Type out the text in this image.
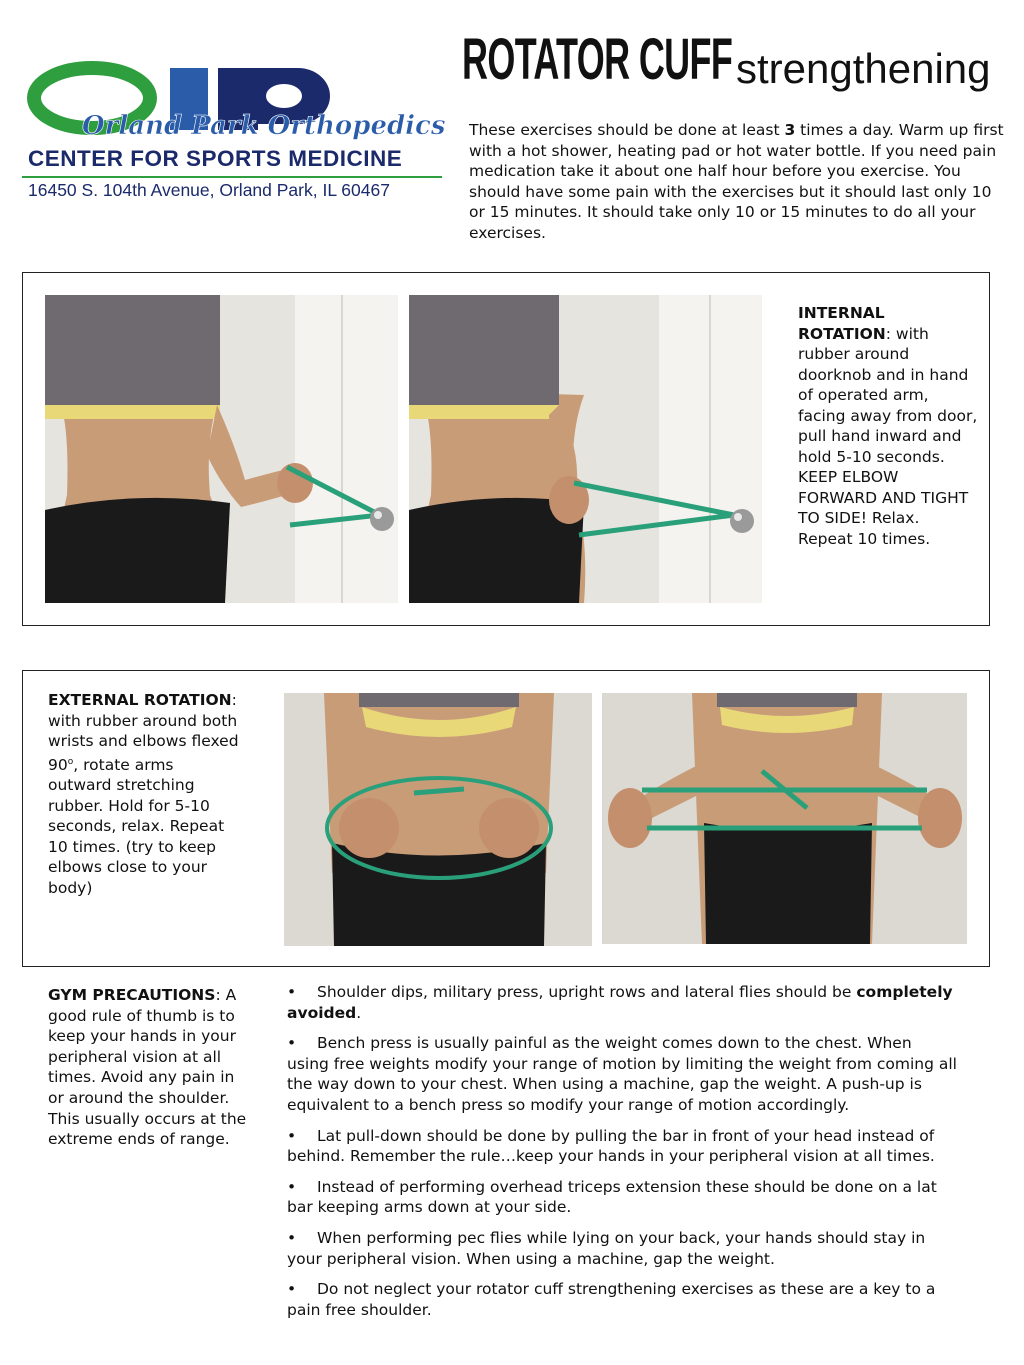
Orland Park Orthopedics
CENTER FOR SPORTS MEDICINE
16450 S. 104th Avenue, Orland Park, IL 60467
ROTATOR CUFFstrengthening
These exercises should be done at least 3 times a day. Warm up first with a hot shower, heating pad or hot water bottle. If you need pain medication take it about one half hour before you exercise. You should have some pain with the exercises but it should last only 10 or 15 minutes. It should take only 10 or 15 minutes to do all your exercises.
INTERNAL ROTATION: with rubber around doorknob and in hand of operated arm, facing away from door, pull hand inward and hold 5-10 seconds. KEEP ELBOW FORWARD AND TIGHT TO SIDE! Relax. Repeat 10 times.
EXTERNAL ROTATION: with rubber around both wrists and elbows flexed 90$^o$, rotate arms outward stretching rubber. Hold for 5-10 seconds, relax. Repeat 10 times. (try to keep elbows close to your body)
GYM PRECAUTIONS: A good rule of thumb is to keep your hands in your peripheral vision at all times. Avoid any pain in or around the shoulder. This usually occurs at the extreme ends of range.

• Shoulder dips, military press, upright rows and lateral flies should be completely avoided.

• Bench press is usually painful as the weight comes down to the chest. When using free weights modify your range of motion by limiting the weight from coming all the way down to your chest. When using a machine, gap the weight. A push-up is equivalent to a bench press so modify your range of motion accordingly.

• Lat pull-down should be done by pulling the bar in front of your head instead of behind. Remember the rule…keep your hands in your peripheral vision at all times.

• Instead of performing overhead triceps extension these should be done on a lat bar keeping arms down at your side.

• When performing pec flies while lying on your back, your hands should stay in your peripheral vision. When using a machine, gap the weight.

• Do not neglect your rotator cuff strengthening exercises as these are a key to a pain free shoulder.
